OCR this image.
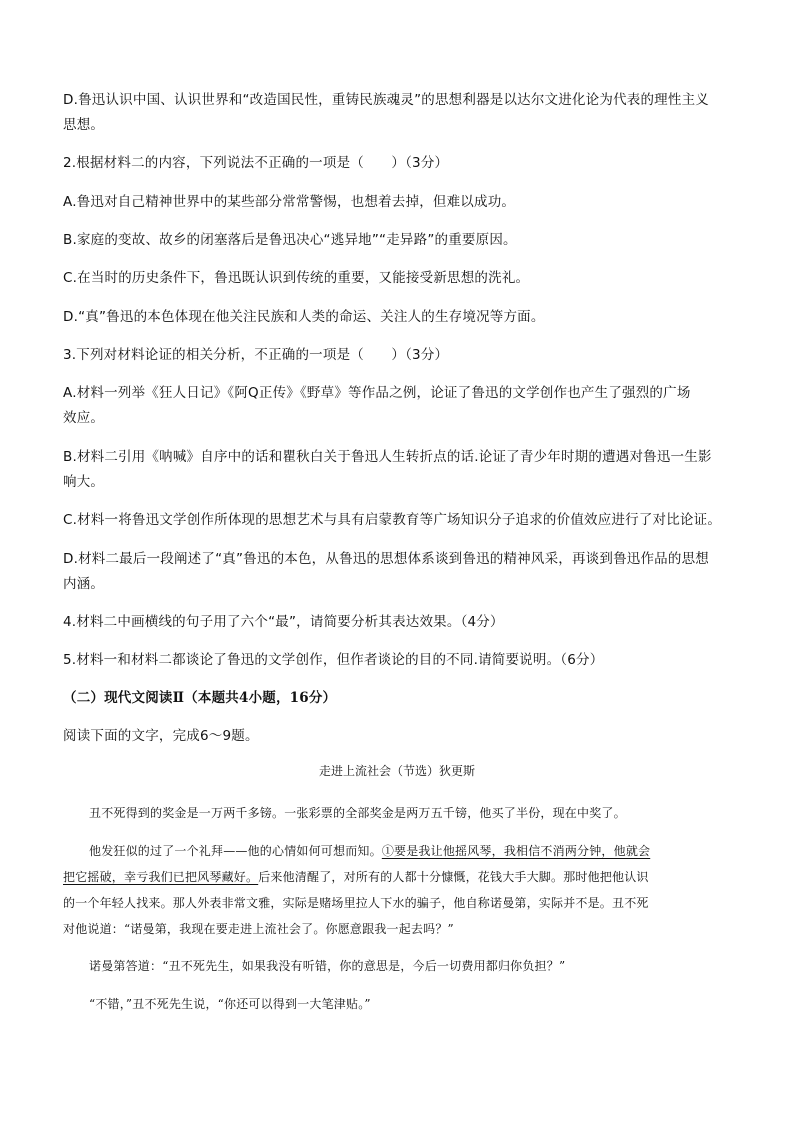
D.鲁迅认识中国、认识世界和“改造国民性，重铸民族魂灵”的思想利器是以达尔文进化论为代表的理性主义

思想。

2.根据材料二的内容，下列说法不正确的一项是（　　）（3分）

A.鲁迅对自己精神世界中的某些部分常常警惕，也想着去掉，但难以成功。

B.家庭的变故、故乡的闭塞落后是鲁迅决心“逃异地”“走异路”的重要原因。

C.在当时的历史条件下，鲁迅既认识到传统的重要，又能接受新思想的洗礼。

D.“真”鲁迅的本色体现在他关注民族和人类的命运、关注人的生存境况等方面。

3.下列对材料论证的相关分析，不正确的一项是（　　）（3分）

A.材料一列举《狂人日记》《阿Q正传》《野草》等作品之例，论证了鲁迅的文学创作也产生了强烈的广场

效应。

B.材料二引用《呐喊》自序中的话和瞿秋白关于鲁迅人生转折点的话.论证了青少年时期的遭遇对鲁迅一生影

响大。

C.材料一将鲁迅文学创作所体现的思想艺术与具有启蒙教育等广场知识分子追求的价值效应进行了对比论证。

D.材料二最后一段阐述了“真”鲁迅的本色，从鲁迅的思想体系谈到鲁迅的精神风采，再谈到鲁迅作品的思想

内涵。

4.材料二中画横线的句子用了六个“最”，请简要分析其表达效果。（4分）

5.材料一和材料二都谈论了鲁迅的文学创作，但作者谈论的目的不同.请简要说明。（6分）

（二）现代文阅读Ⅱ（本题共4小题，16分）

阅读下面的文字，完成6～9题。

走进上流社会（节选）狄更斯

丑不死得到的奖金是一万两千多镑。一张彩票的全部奖金是两万五千镑，他买了半份，现在中奖了。

他发狂似的过了一个礼拜——他的心情如何可想而知。①要是我让他摇风琴，我相信不消两分钟，他就会
把它摇破，幸亏我们已把风琴藏好。后来他清醒了，对所有的人都十分慷慨，花钱大手大脚。那时他把他认识
的一个年轻人找来。那人外表非常文雅，实际是赌场里拉人下水的骗子，他自称诺曼第，实际并不是。丑不死
对他说道：“诺曼第，我现在要走进上流社会了。你愿意跟我一起去吗？”

诺曼第答道：“丑不死先生，如果我没有听错，你的意思是，今后一切费用都归你负担？”

“不错，”丑不死先生说，“你还可以得到一大笔津贴。”
